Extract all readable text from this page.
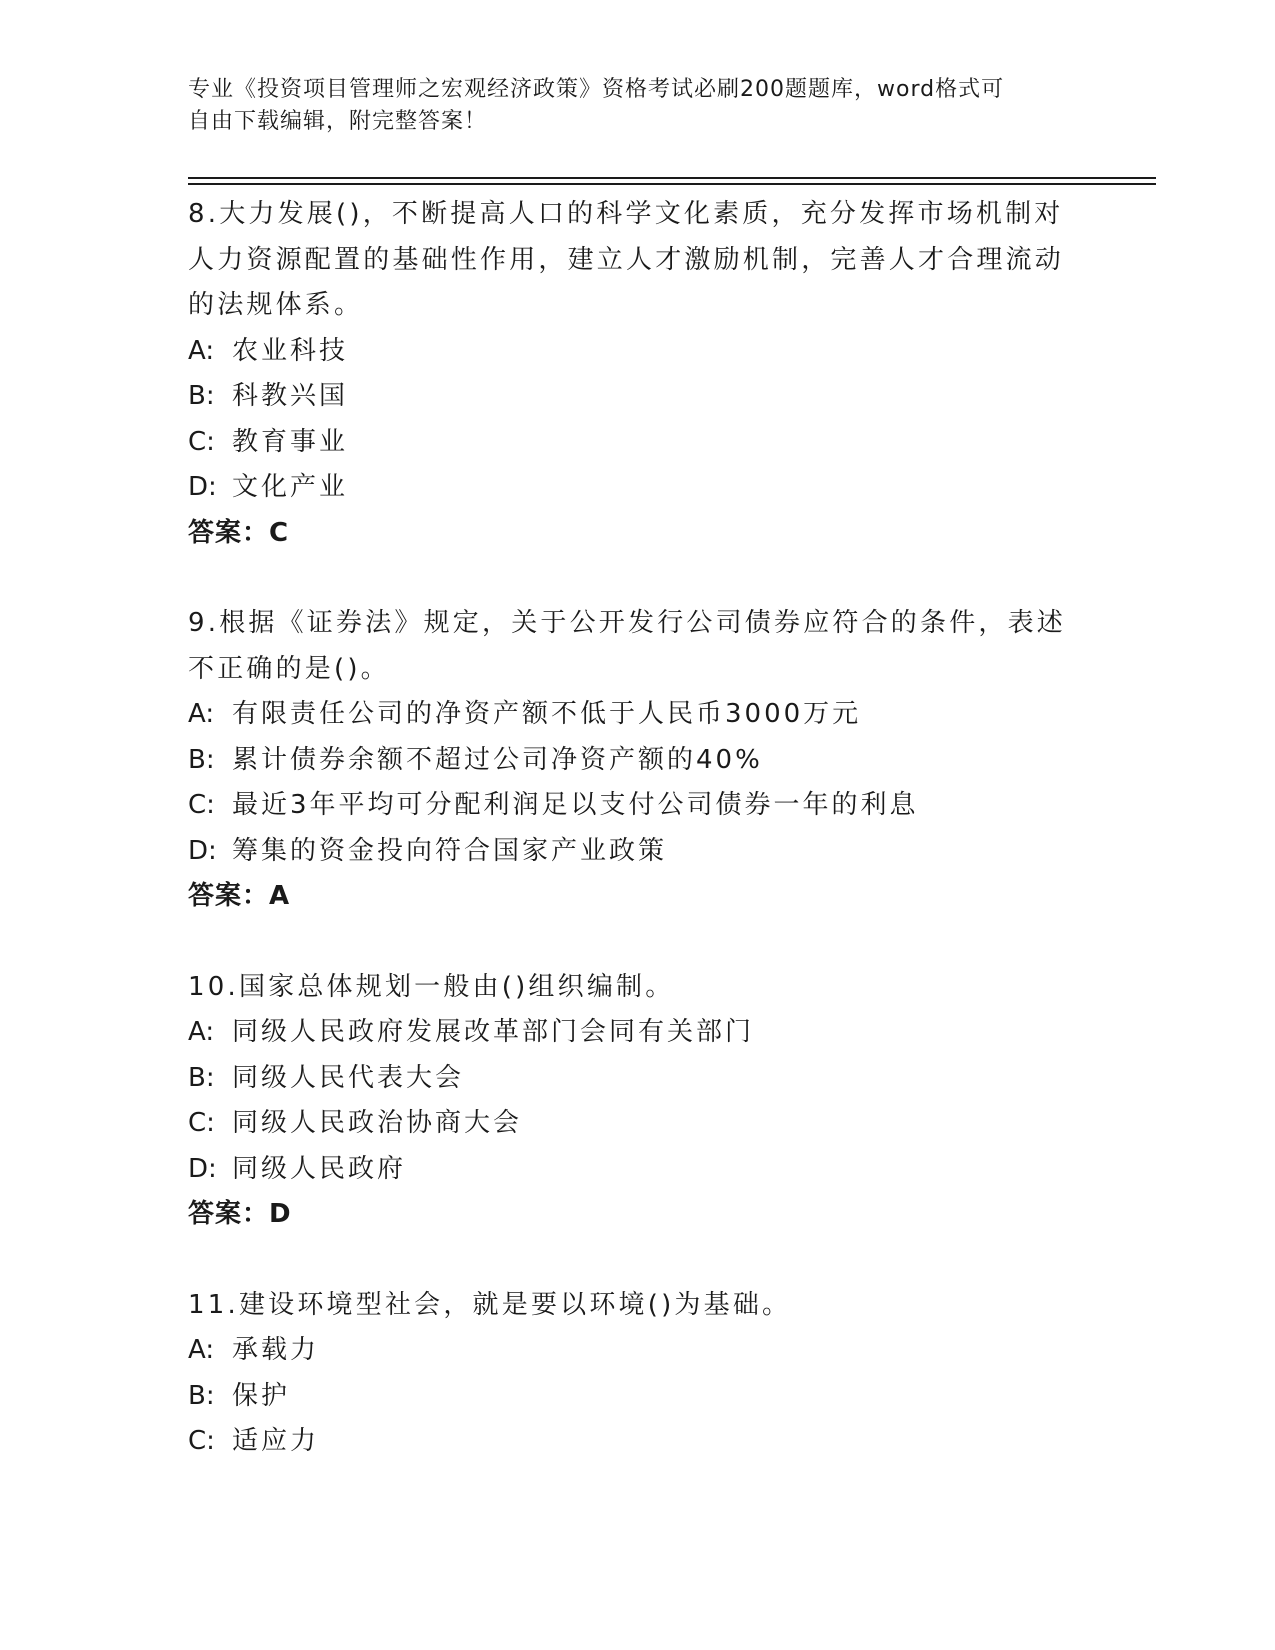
专业《投资项目管理师之宏观经济政策》资格考试必刷200题题库，word格式可
自由下载编辑，附完整答案！
8.大力发展()，不断提高人口的科学文化素质，充分发挥市场机制对人力资源配置的基础性作用，建立人才激励机制，完善人才合理流动的法规体系。
A: 农业科技
B: 科教兴国
C: 教育事业
D: 文化产业
答案：C
9.根据《证券法》规定，关于公开发行公司债券应符合的条件，表述不正确的是()。
A: 有限责任公司的净资产额不低于人民币3000万元
B: 累计债券余额不超过公司净资产额的40%
C: 最近3年平均可分配利润足以支付公司债券一年的利息
D: 筹集的资金投向符合国家产业政策
答案：A
10.国家总体规划一般由()组织编制。
A: 同级人民政府发展改革部门会同有关部门
B: 同级人民代表大会
C: 同级人民政治协商大会
D: 同级人民政府
答案：D
11.建设环境型社会，就是要以环境()为基础。
A: 承载力
B: 保护
C: 适应力
